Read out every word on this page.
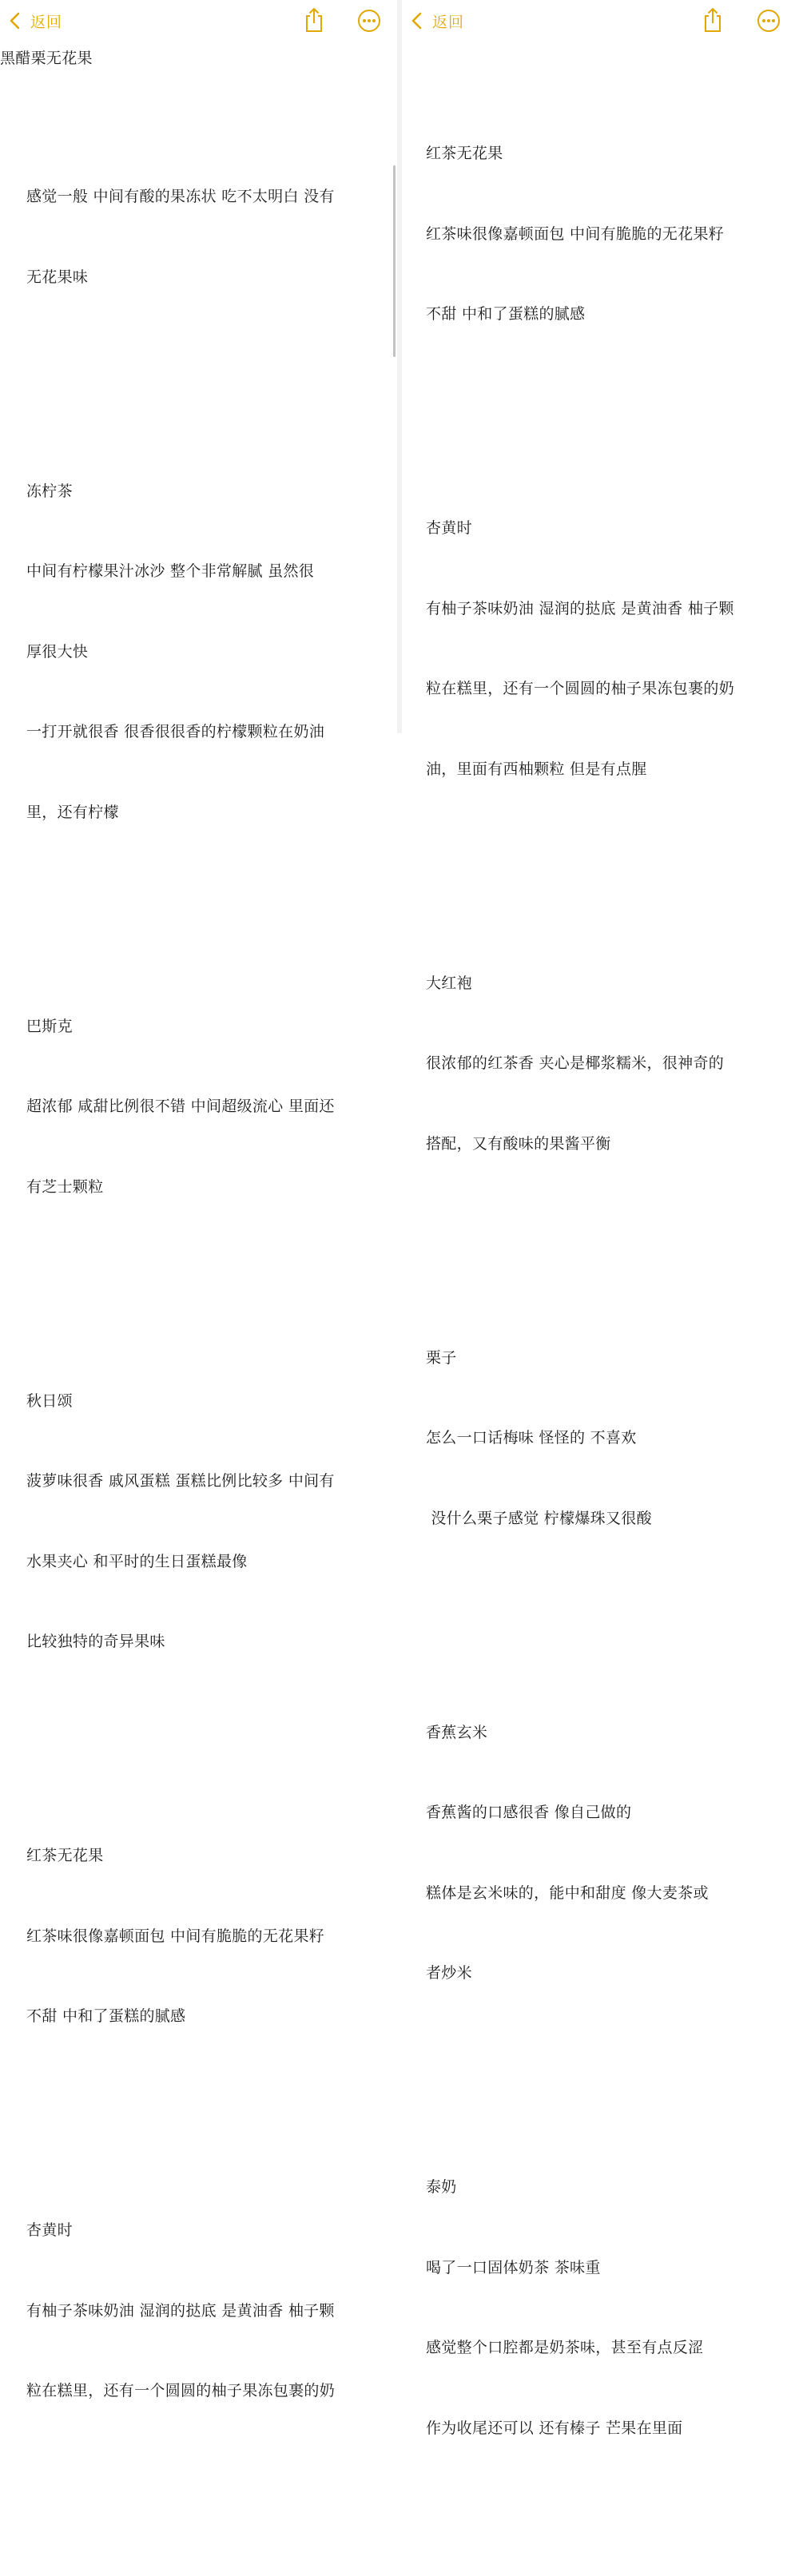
返回
黑醋栗无花果

感觉一般 中间有酸的果冻状 吃不太明白 没有

无花果味

冻柠茶

中间有柠檬果汁冰沙 整个非常解腻 虽然很

厚很大快

一打开就很香 很香很很香的柠檬颗粒在奶油

里，还有柠檬

巴斯克

超浓郁 咸甜比例很不错 中间超级流心 里面还

有芝士颗粒

秋日颂

菠萝味很香 戚风蛋糕 蛋糕比例比较多 中间有

水果夹心 和平时的生日蛋糕最像

比较独特的奇异果味

红茶无花果

红茶味很像嘉顿面包 中间有脆脆的无花果籽

不甜 中和了蛋糕的腻感

杏黄时

有柚子茶味奶油 湿润的挞底 是黄油香 柚子颗

粒在糕里，还有一个圆圆的柚子果冻包裹的奶

红茶无花果

红茶味很像嘉顿面包 中间有脆脆的无花果籽

不甜 中和了蛋糕的腻感

杏黄时

有柚子茶味奶油 湿润的挞底 是黄油香 柚子颗

粒在糕里，还有一个圆圆的柚子果冻包裹的奶

油，里面有西柚颗粒 但是有点腥

大红袍

很浓郁的红茶香 夹心是椰浆糯米，很神奇的

搭配，又有酸味的果酱平衡

栗子

怎么一口话梅味 怪怪的 不喜欢

没什么栗子感觉 柠檬爆珠又很酸

香蕉玄米

香蕉酱的口感很香 像自己做的

糕体是玄米味的，能中和甜度 像大麦茶或

者炒米

泰奶

喝了一口固体奶茶 茶味重

感觉整个口腔都是奶茶味，甚至有点反涩

作为收尾还可以 还有榛子 芒果在里面

返回
